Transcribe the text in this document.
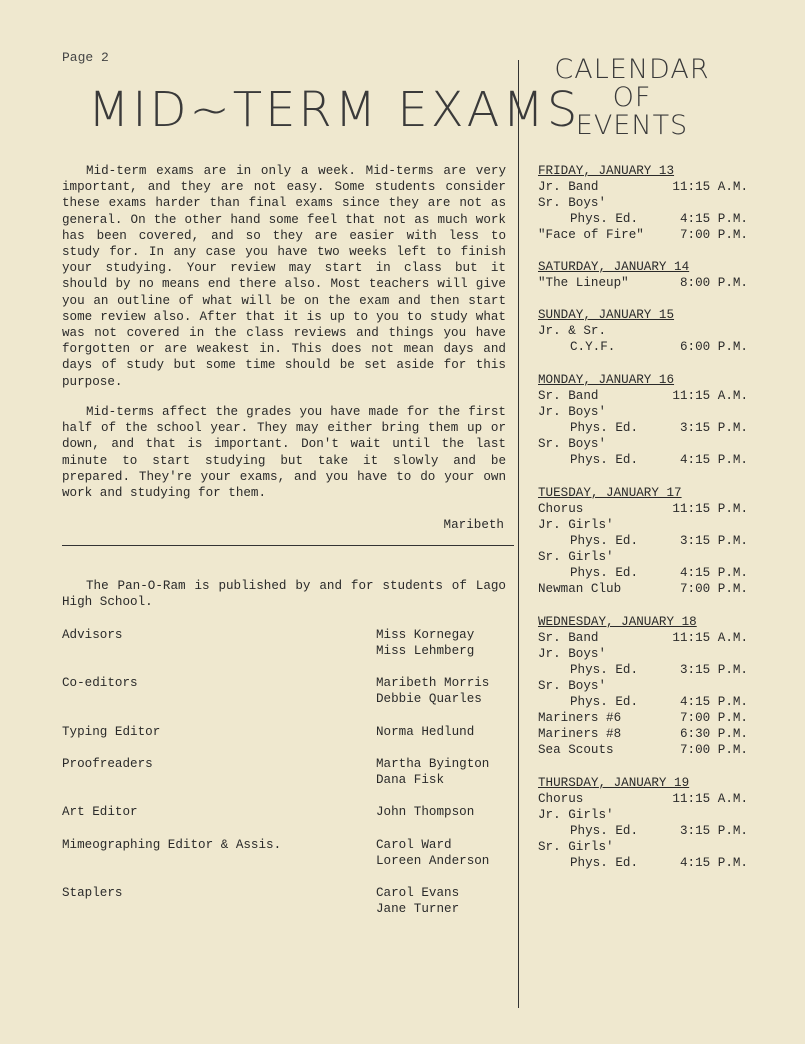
Page 2
MID~TERM EXAMS

Mid-term exams are in only a week. Mid-terms are very important, and they are not easy. Some students consider these exams harder than final exams since they are not as general. On the other hand some feel that not as much work has been covered, and so they are easier with less to study for. In any case you have two weeks left to finish your studying. Your review may start in class but it should by no means end there also. Most teachers will give you an outline of what will be on the exam and then start some review also. After that it is up to you to study what was not covered in the class reviews and things you have forgotten or are weakest in. This does not mean days and days of study but some time should be set aside for this purpose.

Mid-terms affect the grades you have made for the first half of the school year. They may either bring them up or down, and that is important. Don't wait until the last minute to start studying but take it slowly and be prepared. They're your exams, and you have to do your own work and studying for them.

Maribeth
The Pan-O-Ram is published by and for students of Lago High School.
Advisors	Miss Kornegay
Miss Lehmberg
Co-editors	Maribeth Morris
Debbie Quarles
Typing Editor	Norma Hedlund
Proofreaders	Martha Byington
Dana Fisk
Art Editor	John Thompson
Mimeographing Editor & Assis.	Carol Ward
Loreen Anderson
Staplers	Carol Evans
Jane Turner
CALENDAR
OF
EVENTS
FRIDAY, JANUARY 13
Jr. Band	11:15 A.M.
Sr. Boys'
Phys. Ed.	4:15 P.M.
"Face of Fire"	7:00 P.M.
SATURDAY, JANUARY 14
"The Lineup"	8:00 P.M.
SUNDAY, JANUARY 15
Jr. & Sr.
C.Y.F.	6:00 P.M.
MONDAY, JANUARY 16
Sr. Band	11:15 A.M.
Jr. Boys'
Phys. Ed.	3:15 P.M.
Sr. Boys'
Phys. Ed.	4:15 P.M.
TUESDAY, JANUARY 17
Chorus	11:15 P.M.
Jr. Girls'
Phys. Ed.	3:15 P.M.
Sr. Girls'
Phys. Ed.	4:15 P.M.
Newman Club	7:00 P.M.
WEDNESDAY, JANUARY 18
Sr. Band	11:15 A.M.
Jr. Boys'
Phys. Ed.	3:15 P.M.
Sr. Boys'
Phys. Ed.	4:15 P.M.
Mariners #6	7:00 P.M.
Mariners #8	6:30 P.M.
Sea Scouts	7:00 P.M.
THURSDAY, JANUARY 19
Chorus	11:15 A.M.
Jr. Girls'
Phys. Ed.	3:15 P.M.
Sr. Girls'
Phys. Ed.	4:15 P.M.
